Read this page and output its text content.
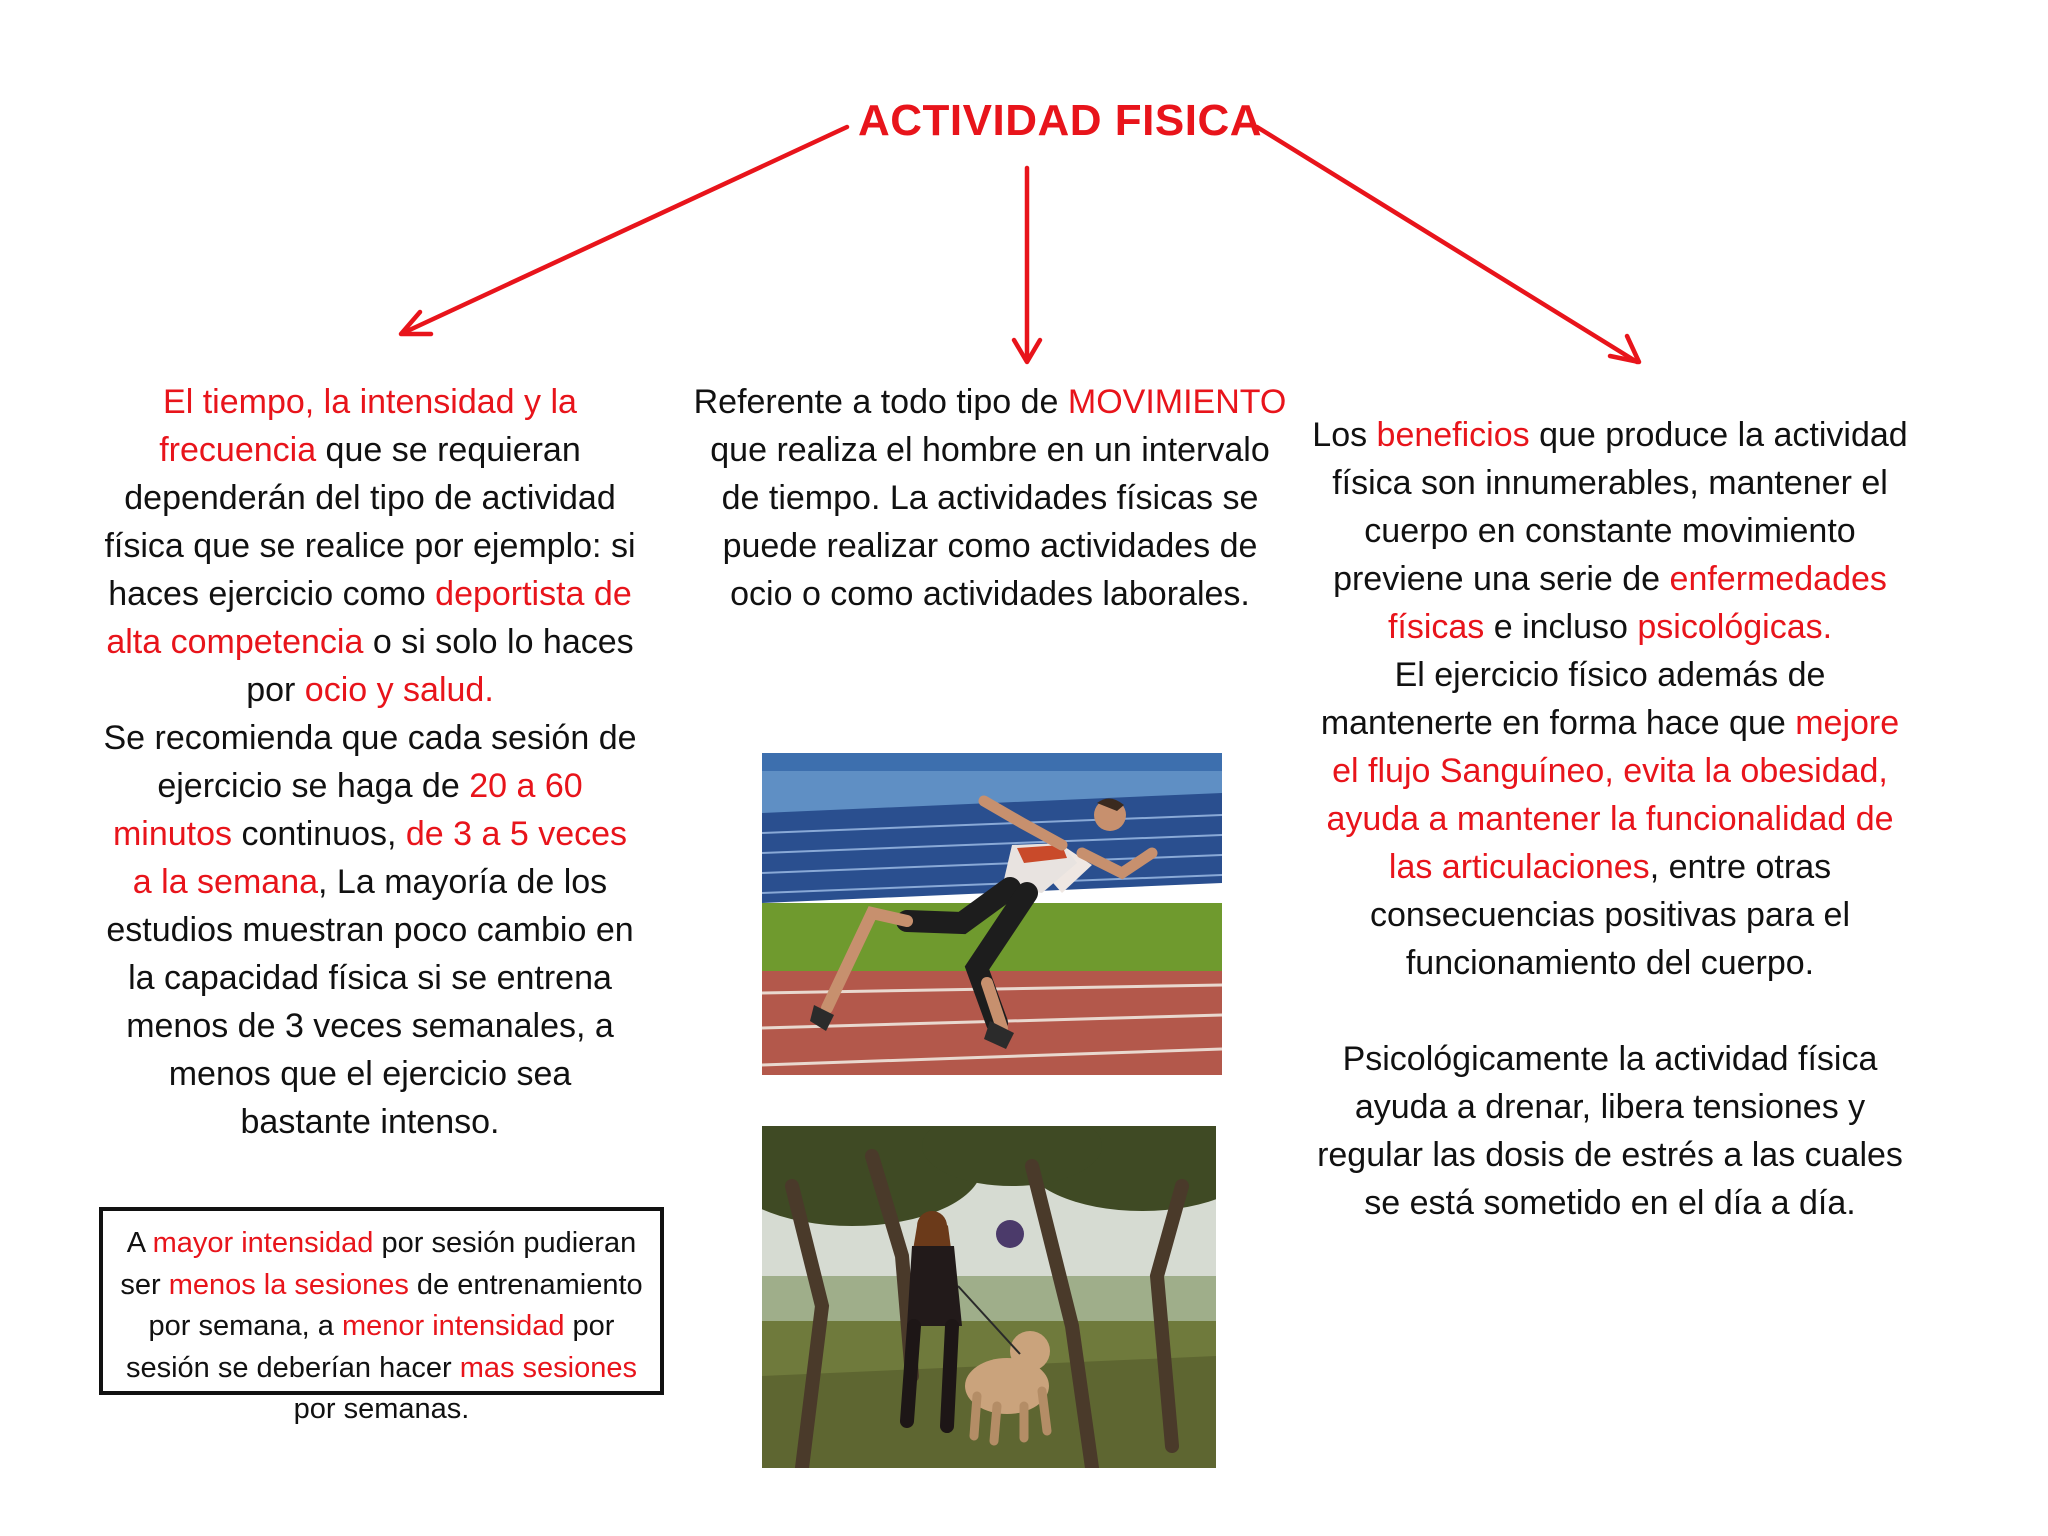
ACTIVIDAD FISICA
El tiempo, la intensidad y la frecuencia que se requieran dependerán del tipo de actividad física que se realice por ejemplo: si haces ejercicio como deportista de alta competencia o si solo lo haces por ocio y salud.
Se recomienda que cada sesión de ejercicio se haga de 20 a 60 minutos continuos, de 3 a 5 veces a la semana, La mayoría de los estudios muestran poco cambio en la capacidad física si se entrena menos de 3 veces semanales, a menos que el ejercicio sea bastante intenso.
A mayor intensidad por sesión pudieran ser menos la sesiones de entrenamiento por semana, a menor intensidad por sesión se deberían hacer mas sesiones por semanas.
Referente a todo tipo de MOVIMIENTO que realiza el hombre en un intervalo de tiempo. La actividades físicas se puede realizar como actividades de ocio o como actividades laborales.
Los beneficios que produce la actividad física son innumerables, mantener el cuerpo en constante movimiento previene una serie de enfermedades físicas e incluso psicológicas.
El ejercicio físico además de mantenerte en forma hace que mejore el flujo Sanguíneo, evita la obesidad, ayuda a mantener la funcionalidad de las articulaciones, entre otras consecuencias positivas para el funcionamiento del cuerpo.
Psicológicamente la actividad física ayuda a drenar, libera tensiones y regular las dosis de estrés a las cuales se está sometido en el día a día.
